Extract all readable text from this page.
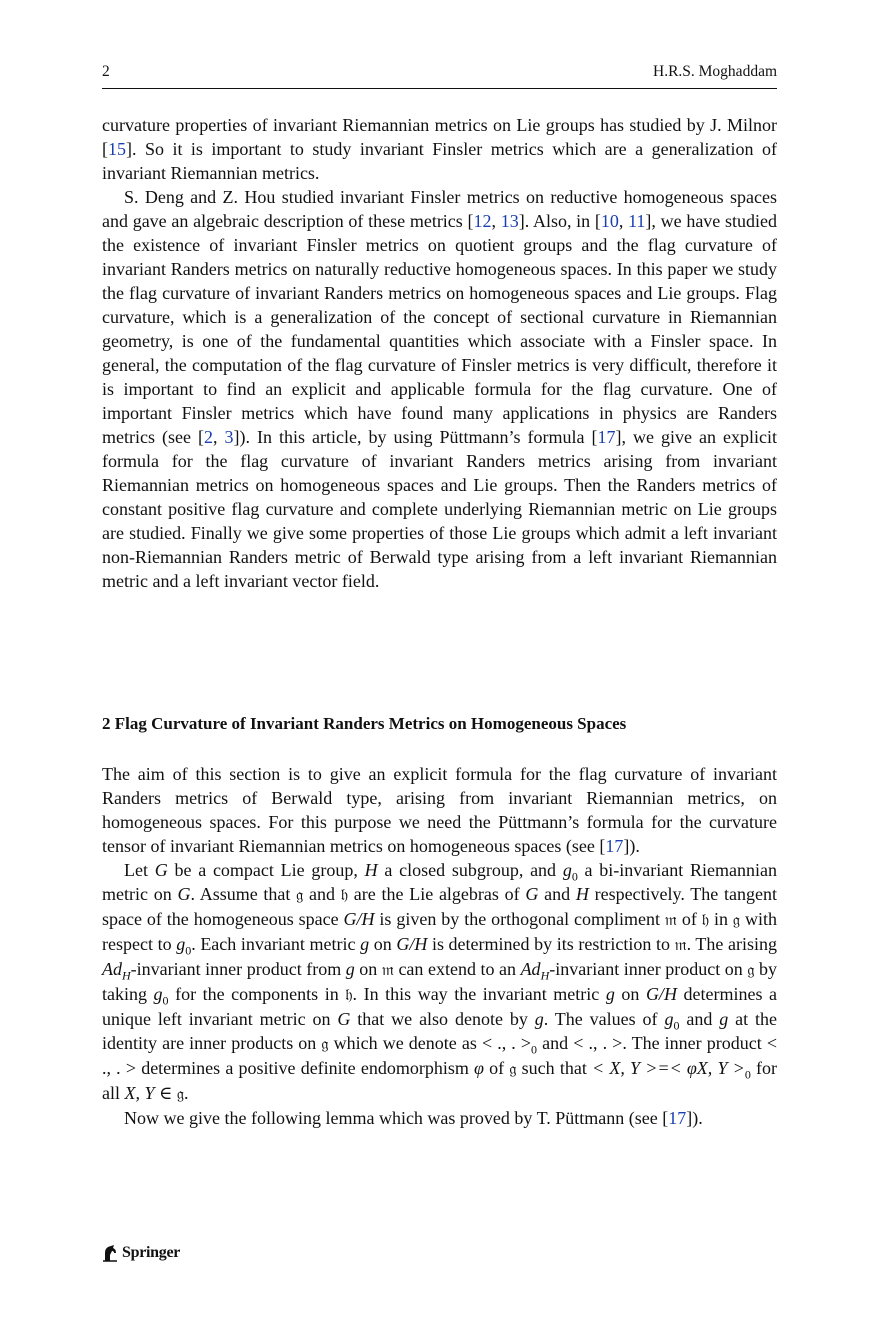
2	H.R.S. Moghaddam

curvature properties of invariant Riemannian metrics on Lie groups has studied by J. Milnor [15]. So it is important to study invariant Finsler metrics which are a generalization of invariant Riemannian metrics.

S. Deng and Z. Hou studied invariant Finsler metrics on reductive homogeneous spaces and gave an algebraic description of these metrics [12, 13]. Also, in [10, 11], we have studied the existence of invariant Finsler metrics on quotient groups and the flag curvature of invariant Randers metrics on naturally reductive homogeneous spaces. In this paper we study the flag curvature of invariant Randers metrics on homogeneous spaces and Lie groups. Flag curvature, which is a generalization of the concept of sectional curvature in Riemannian geometry, is one of the fundamental quantities which associate with a Finsler space. In general, the computation of the flag curvature of Finsler metrics is very difficult, therefore it is important to find an explicit and applicable formula for the flag curvature. One of important Finsler metrics which have found many applications in physics are Randers metrics (see [2, 3]). In this article, by using Püttmann’s formula [17], we give an explicit formula for the flag curvature of invariant Randers metrics arising from invariant Riemannian metrics on homogeneous spaces and Lie groups. Then the Randers metrics of constant positive flag curvature and complete underlying Riemannian metric on Lie groups are studied. Finally we give some properties of those Lie groups which admit a left invariant non-Riemannian Randers metric of Berwald type arising from a left invariant Riemannian metric and a left invariant vector field.

2 Flag Curvature of Invariant Randers Metrics on Homogeneous Spaces

The aim of this section is to give an explicit formula for the flag curvature of invariant Randers metrics of Berwald type, arising from invariant Riemannian metrics, on homogeneous spaces. For this purpose we need the Püttmann’s formula for the curvature tensor of invariant Riemannian metrics on homogeneous spaces (see [17]).

Let G be a compact Lie group, H a closed subgroup, and $g_0$ a bi-invariant Riemannian metric on G. Assume that 𝔤 and 𝔥 are the Lie algebras of G and H respectively. The tangent space of the homogeneous space G/H is given by the orthogonal compliment 𝔪 of 𝔥 in 𝔤 with respect to $g_0$. Each invariant metric g on G/H is determined by its restriction to 𝔪. The arising $Ad_H$-invariant inner product from g on 𝔪 can extend to an $Ad_H$-invariant inner product on 𝔤 by taking $g_0$ for the components in 𝔥. In this way the invariant metric g on G/H determines a unique left invariant metric on G that we also denote by g. The values of $g_0$ and g at the identity are inner products on 𝔤 which we denote as < ., . $>_0$ and < ., . >. The inner product < ., . > determines a positive definite endomorphism φ of 𝔤 such that < X, Y >=< φX, $Y >_0$ for all X, Y ∈ 𝔤.

Now we give the following lemma which was proved by T. Püttmann (see [17]).

Springer
